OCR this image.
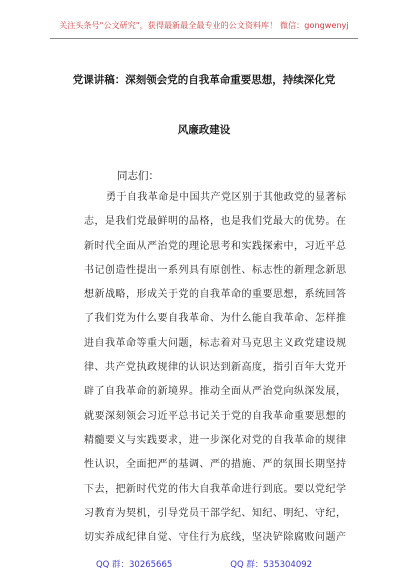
关注头条号"公文研究"，获得最新最全最专业的公文资料库！ 微信：gongwenyj
党课讲稿：深刻领会党的自我革命重要思想，持续深化党
风廉政建设
同志们：
勇于自我革命是中国共产党区别于其他政党的显著标
志，是我们党最鲜明的品格，也是我们党最大的优势。在
新时代全面从严治党的理论思考和实践探索中，习近平总
书记创造性提出一系列具有原创性、标志性的新理念新思
想新战略，形成关于党的自我革命的重要思想，系统回答
了我们党为什么要自我革命、为什么能自我革命、怎样推
进自我革命等重大问题，标志着对马克思主义政党建设规
律、共产党执政规律的认识达到新高度，指引百年大党开
辟了自我革命的新境界。推动全面从严治党向纵深发展，
就要深刻领会习近平总书记关于党的自我革命重要思想的
精髓要义与实践要求，进一步深化对党的自我革命的规律
性认识，全面把严的基调、严的措施、严的氛围长期坚持
下去，把新时代党的伟大自我革命进行到底。要以党纪学
习教育为契机，引导党员干部学纪、知纪、明纪、守纪，
切实养成纪律自觉、守住行为底线，坚决铲除腐败问题产
QQ 群：30265665	QQ 群：535304092
